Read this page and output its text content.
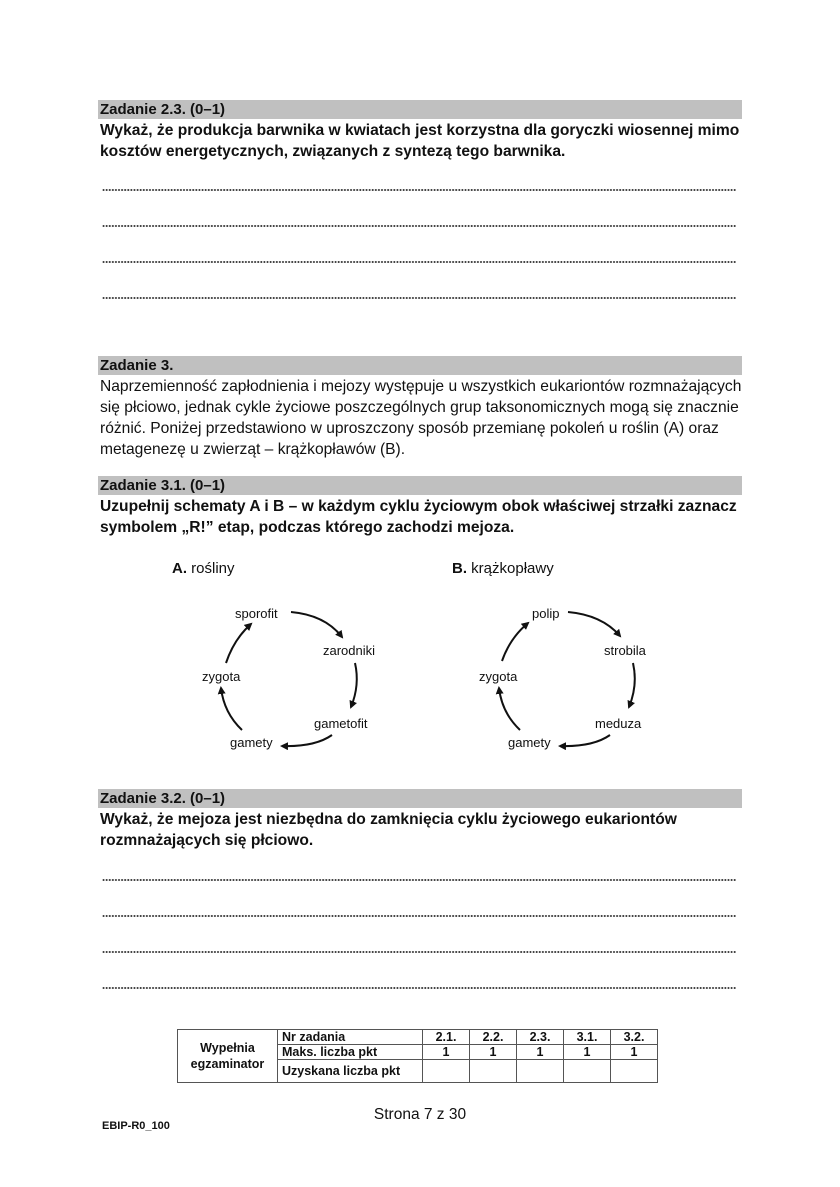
Zadanie 2.3. (0–1)
Wykaż, że produkcja barwnika w kwiatach jest korzystna dla goryczki wiosennej mimo
kosztów energetycznych, związanych z syntezą tego barwnika.
Zadanie 3.
Naprzemienność zapłodnienia i mejozy występuje u wszystkich eukariontów rozmnażających
się płciowo, jednak cykle życiowe poszczególnych grup taksonomicznych mogą się znacznie
różnić. Poniżej przedstawiono w uproszczony sposób przemianę pokoleń u roślin (A) oraz
metagenezę u zwierząt – krążkopławów (B).
Zadanie 3.1. (0–1)
Uzupełnij schematy A i B – w każdym cyklu życiowym obok właściwej strzałki zaznacz
symbolem „R!” etap, podczas którego zachodzi mejoza.
A. rośliny
sporofit
zarodniki
gametofit
gamety
zygota
B. krążkopławy
polip
strobila
meduza
gamety
zygota
Zadanie 3.2. (0–1)
Wykaż, że mejoza jest niezbędna do zamknięcia cyklu życiowego eukariontów
rozmnażających się płciowo.
Wypełnia
egzaminator	Nr zadania	2.1.	2.2.	2.3.	3.1.	3.2.
	Maks. liczba pkt	1	1	1	1	1
	Uzyskana liczba pkt					
Strona 7 z 30
EBIP-R0_100
